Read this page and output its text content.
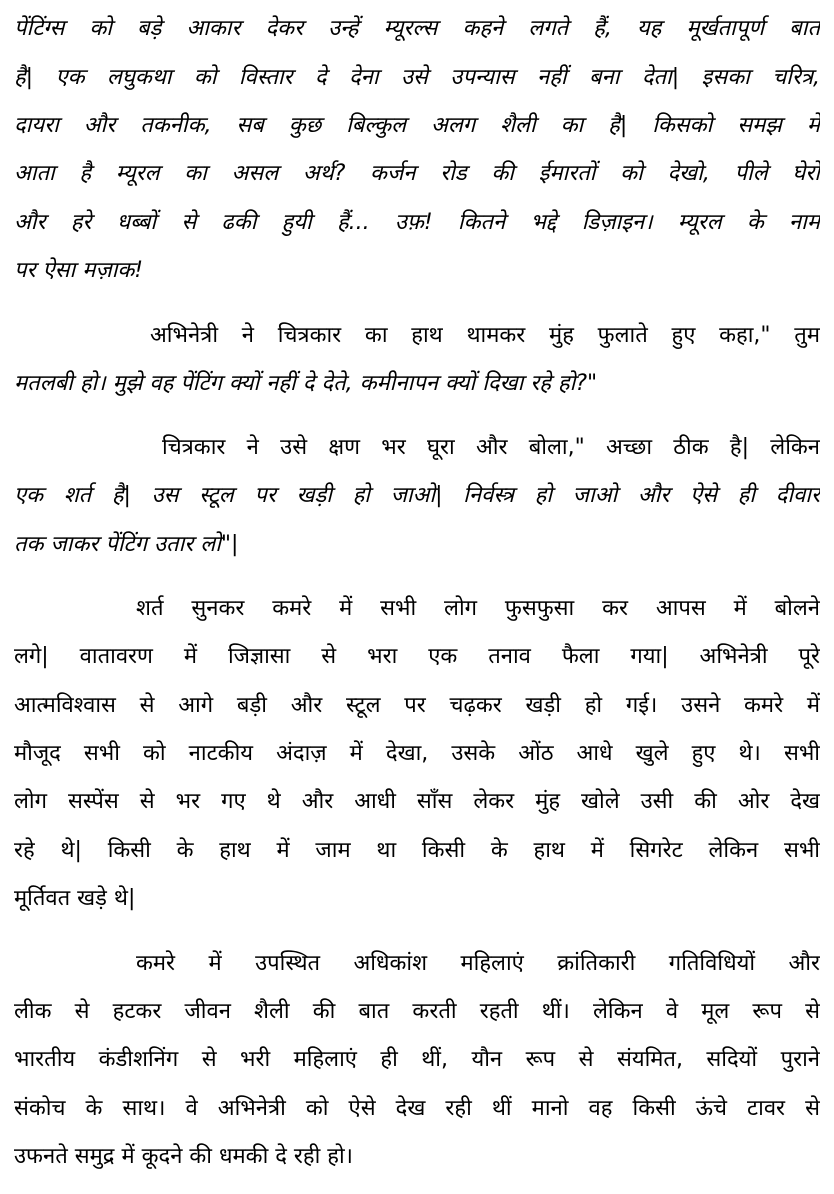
पेंटिंग्स को बड़े आकार देकर उन्हें म्यूरल्स कहने लगते हैं, यह मूर्खतापूर्ण बात
है| एक लघुकथा को विस्तार दे देना उसे उपन्यास नहीं बना देता| इसका चरित्र,
दायरा और तकनीक, सब कुछ बिल्कुल अलग शैली का है| किसको समझ में
आता है म्यूरल का असल अर्थ? कर्जन रोड की ईमारतों को देखो, पीले घेरों
और हरे धब्बों से ढकी हुयी हैं... उफ़! कितने भद्दे डिज़ाइन। म्यूरल के नाम
पर ऐसा मज़ाक!
अभिनेत्री ने चित्रकार का हाथ थामकर मुंह फुलाते हुए कहा," तुम
मतलबी हो। मुझे वह पेंटिंग क्यों नहीं दे देते, कमीनापन क्यों दिखा रहे हो?"
चित्रकार ने उसे क्षण भर घूरा और बोला," अच्छा ठीक है| लेकिन
एक शर्त है| उस स्टूल पर खड़ी हो जाओ| निर्वस्त्र हो जाओ और ऐसे ही दीवार
तक जाकर पेंटिंग उतार लो"|
शर्त सुनकर कमरे में सभी लोग फुसफुसा कर आपस में बोलने
लगे| वातावरण में जिज्ञासा से भरा एक तनाव फैला गया| अभिनेत्री पूरे
आत्मविश्वास से आगे बड़ी और स्टूल पर चढ़कर खड़ी हो गई। उसने कमरे में
मौजूद सभी को नाटकीय अंदाज़ में देखा, उसके ओंठ आधे खुले हुए थे। सभी
लोग सस्पेंस से भर गए थे और आधी साँस लेकर मुंह खोले उसी की ओर देख
रहे थे| किसी के हाथ में जाम था किसी के हाथ में सिगरेट लेकिन सभी
मूर्तिवत खड़े थे|
कमरे में उपस्थित अधिकांश महिलाएं क्रांतिकारी गतिविधियों और
लीक से हटकर जीवन शैली की बात करती रहती थीं। लेकिन वे मूल रूप से
भारतीय कंडीशनिंग से भरी महिलाएं ही थीं, यौन रूप से संयमित, सदियों पुराने
संकोच के साथ। वे अभिनेत्री को ऐसे देख रही थीं मानो वह किसी ऊंचे टावर से
उफनते समुद्र में कूदने की धमकी दे रही हो।
